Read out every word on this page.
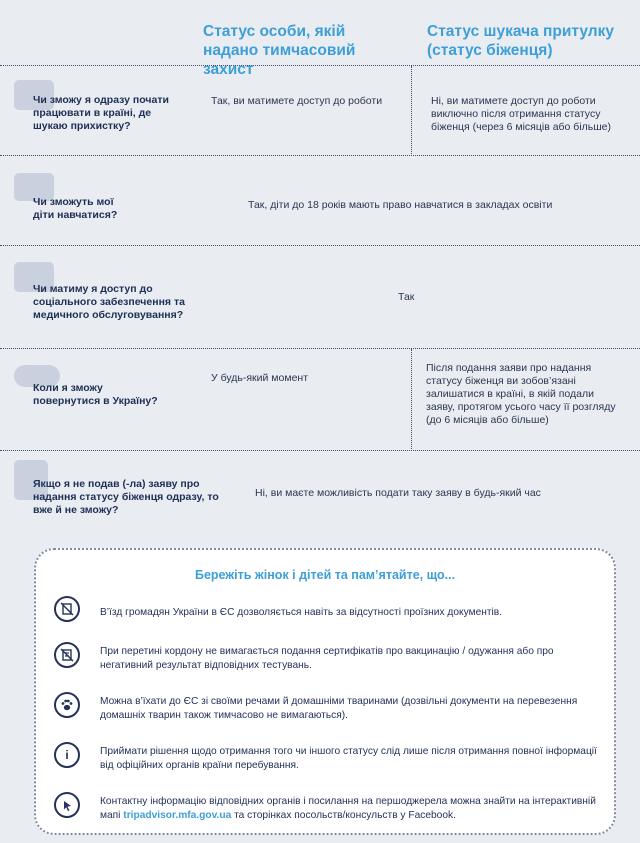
Статус особи, якій надано тимчасовий захист
Статус шукача притулку (статус біженця)
Чи зможу я одразу почати працювати в країні, де шукаю прихистку?
Так, ви матимете доступ до роботи	Ні, ви матимете доступ до роботи виключно після отримання статусу біженця (через 6 місяців або більше)
Чи зможуть мої діти навчатися?
Так, діти до 18 років мають право навчатися в закладах освіти
Чи матиму я доступ до соціального забезпечення та медичного обслуговування?
Так
Коли я зможу повернутися в Україну?
У будь-який момент
Після подання заяви про надання статусу біженця ви зобов’язані залишатися в країні, в якій подали заяву, протягом усього часу її розгляду (до 6 місяців або більше)
Якщо я не подав (-ла) заяву про надання статусу біженця одразу, то вже й не зможу?
Ні, ви маєте можливість подати таку заяву в будь-який час
Бережіть жінок і дітей та пам’ятайте, що...
В’їзд громадян України в ЄС дозволяється навіть за відсутності проїзних документів.
При перетині кордону не вимагається подання сертифікатів про вакцинацію / одужання або про негативний результат відповідних тестувань.
Можна в’їхати до ЄС зі своїми речами й домашніми тваринами (дозвільні документи на перевезення домашніх тварин також тимчасово не вимагаються).
i	Приймати рішення щодо отримання того чи іншого статусу слід лише після отримання повної інформації від офіційних органів країни перебування.
Контактну інформацію відповідних органів і посилання на першоджерела можна знайти на інтерактивній мапі tripadvisor.mfa.gov.ua та сторінках посольств/консульств у Facebook.
